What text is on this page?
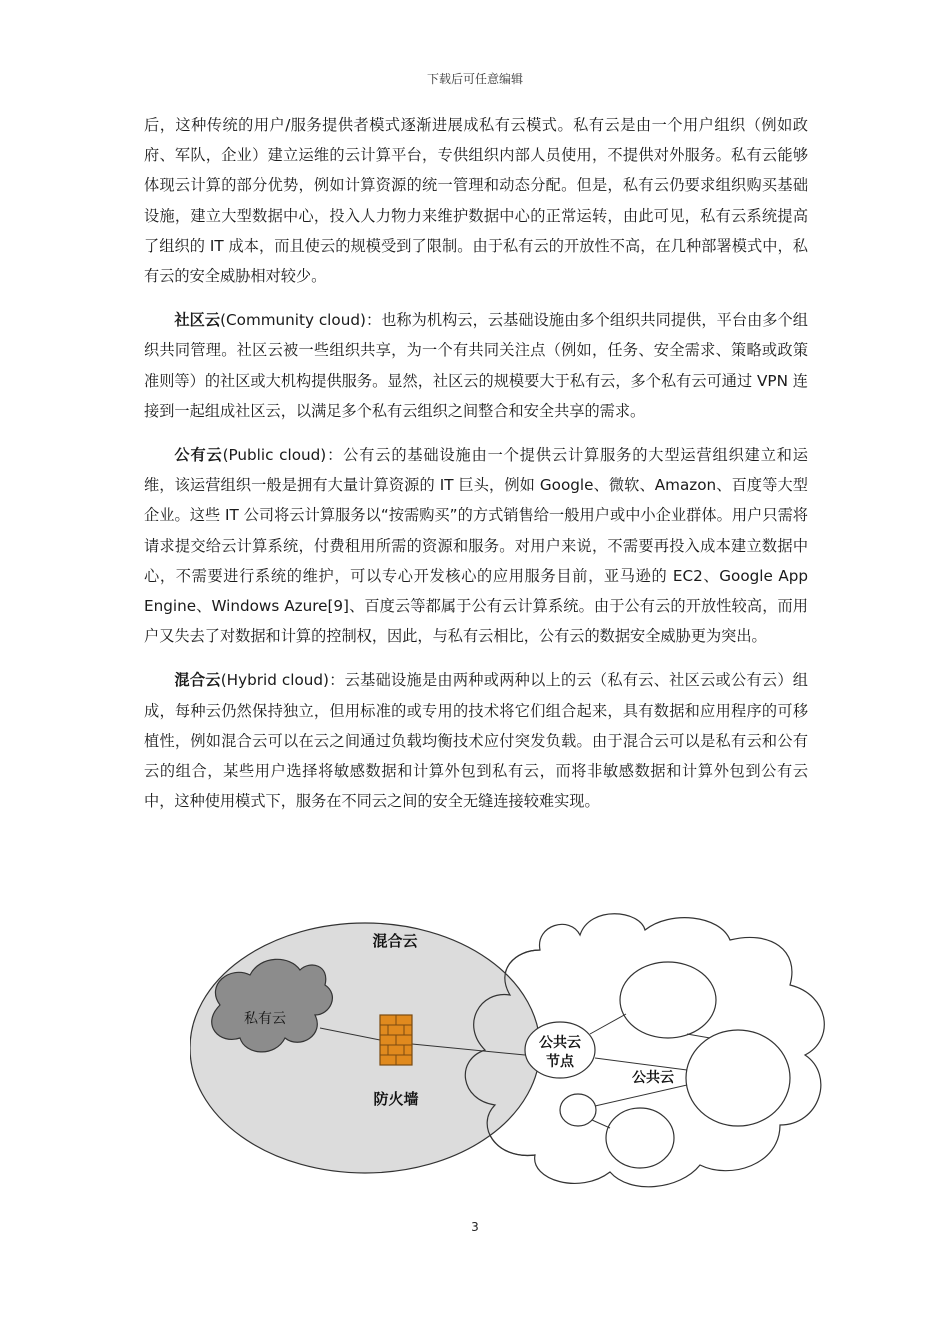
下载后可任意编辑

后，这种传统的用户/服务提供者模式逐渐进展成私有云模式。私有云是由一个用户组织（例如政府、军队，企业）建立运维的云计算平台，专供组织内部人员使用，不提供对外服务。私有云能够体现云计算的部分优势，例如计算资源的统一管理和动态分配。但是，私有云仍要求组织购买基础设施，建立大型数据中心，投入人力物力来维护数据中心的正常运转，由此可见，私有云系统提高了组织的 IT 成本，而且使云的规模受到了限制。由于私有云的开放性不高，在几种部署模式中，私有云的安全威胁相对较少。

社区云(Community cloud)：也称为机构云，云基础设施由多个组织共同提供，平台由多个组织共同管理。社区云被一些组织共享，为一个有共同关注点（例如，任务、安全需求、策略或政策准则等）的社区或大机构提供服务。显然，社区云的规模要大于私有云，多个私有云可通过 VPN 连接到一起组成社区云，以满足多个私有云组织之间整合和安全共享的需求。

公有云(Public cloud)：公有云的基础设施由一个提供云计算服务的大型运营组织建立和运维，该运营组织一般是拥有大量计算资源的 IT 巨头，例如 Google、微软、Amazon、百度等大型企业。这些 IT 公司将云计算服务以“按需购买”的方式销售给一般用户或中小企业群体。用户只需将请求提交给云计算系统，付费租用所需的资源和服务。对用户来说，不需要再投入成本建立数据中心，不需要进行系统的维护，可以专心开发核心的应用服务目前，亚马逊的 EC2、Google App Engine、Windows Azure[9]、百度云等都属于公有云计算系统。由于公有云的开放性较高，而用户又失去了对数据和计算的控制权，因此，与私有云相比，公有云的数据安全威胁更为突出。

混合云(Hybrid cloud)：云基础设施是由两种或两种以上的云（私有云、社区云或公有云）组成，每种云仍然保持独立，但用标准的或专用的技术将它们组合起来，具有数据和应用程序的可移植性，例如混合云可以在云之间通过负载均衡技术应付突发负载。由于混合云可以是私有云和公有云的组合，某些用户选择将敏感数据和计算外包到私有云，而将非敏感数据和计算外包到公有云中，这种使用模式下，服务在不同云之间的安全无缝连接较难实现。

混合云
私有云
防火墙
公共云
节点
公共云
3
